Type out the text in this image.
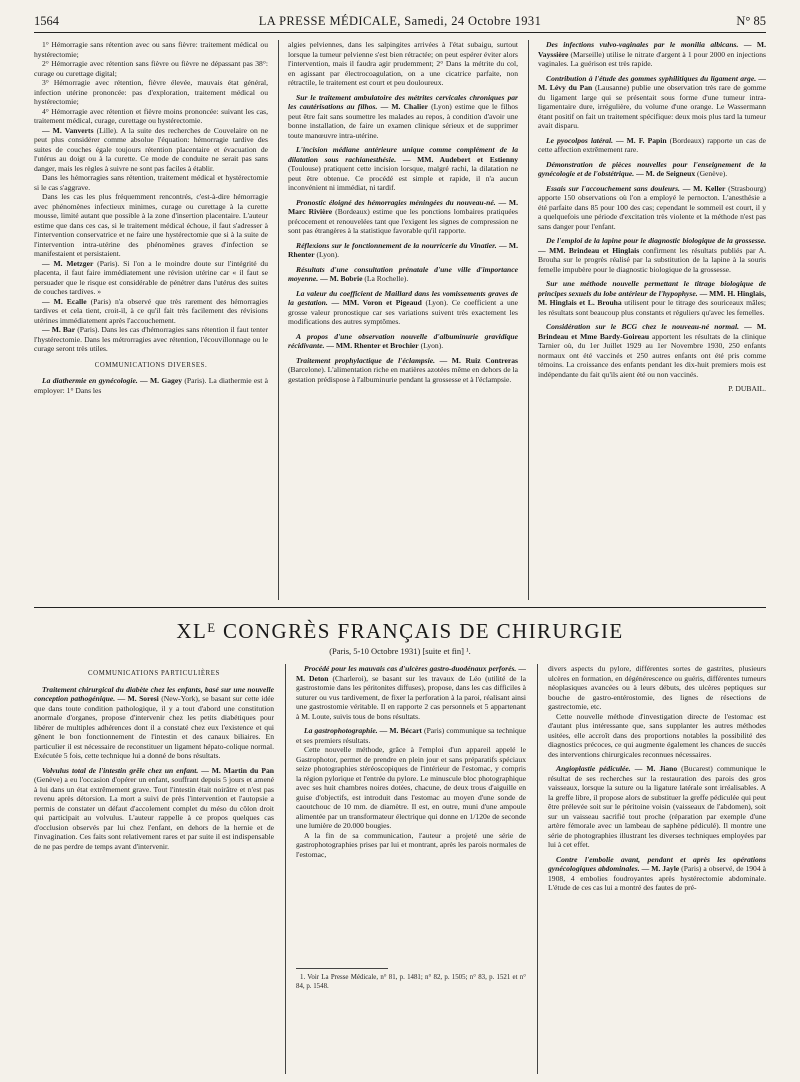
1564	LA PRESSE MÉDICALE, Samedi, 24 Octobre 1931	N° 85

1° Hémorragie sans rétention avec ou sans fièvre: traitement médical ou hystérectomie;

2° Hémorragie avec rétention sans fièvre ou fièvre ne dépassant pas 38°: curage ou curettage digital;

3° Hémorragie avec rétention, fièvre élevée, mauvais état général, infection utérine prononcée: pas d'exploration, traitement médical ou hystérectomie;

4° Hémorragie avec rétention et fièvre moins prononcée: suivant les cas, traitement médical, curage, curettage ou hystérectomie.

— M. Vanverts (Lille). A la suite des recherches de Couvelaire on ne peut plus considérer comme absolue l'équation: hémorragie tardive des suites de couches égale toujours rétention placentaire et évacuation de l'utérus au doigt ou à la curette. Ce mode de conduite ne serait pas sans danger, mais les règles à suivre ne sont pas faciles à établir.

Dans les hémorragies sans rétention, traitement médical et hystérectomie si le cas s'aggrave.

Dans les cas les plus fréquemment rencontrés, c'est-à-dire hémorragie avec phénomènes infectieux minimes, curage ou curettage à la curette mousse, limité autant que possible à la zone d'insertion placentaire. L'auteur estime que dans ces cas, si le traitement médical échoue, il faut s'adresser à l'intervention conservatrice et ne faire une hystérectomie que si à la suite de l'intervention intra-utérine des phénomènes graves d'infection se manifestaient et persistaient.

— M. Metzger (Paris). Si l'on a le moindre doute sur l'intégrité du placenta, il faut faire immédiatement une révision utérine car « il faut se persuader que le risque est considérable de pénétrer dans l'utérus des suites de couches tardives. »

— M. Ecalle (Paris) n'a observé que très rarement des hémorragies tardives et cela tient, croit-il, à ce qu'il fait très facilement des révisions utérines immédiatement après l'accouchement.

— M. Bar (Paris). Dans les cas d'hémorragies sans rétention il faut tenter l'hystérectomie. Dans les métrorragies avec rétention, l'écouvillonnage ou le curage seront très utiles.

COMMUNICATIONS DIVERSES.

La diathermie en gynécologie. — M. Gagey (Paris). La diathermie est à employer: 1° Dans les

algies pelviennes, dans les salpingites arrivées à l'état subaigu, surtout lorsque la tumeur pelvienne s'est bien rétractée; on peut espérer éviter alors l'intervention, mais il faudra agir prudemment; 2° Dans la métrite du col, en agissant par électrocoagulation, on a une cicatrice parfaite, non rétractile, le traitement est court et peu douloureux.

Sur le traitement ambulatoire des métrites cervicales chroniques par les cautérisations au filhos. — M. Chalier (Lyon) estime que le filhos peut être fait sans soumettre les malades au repos, à condition d'avoir une bonne installation, de faire un examen clinique sérieux et de supprimer toute manœuvre intra-utérine.

L'incision médiane antérieure unique comme complément de la dilatation sous rachianesthésie. — MM. Audebert et Estienny (Toulouse) pratiquent cette incision lorsque, malgré rachi, la dilatation ne peut être obtenue. Ce procédé est simple et rapide, il n'a aucun inconvénient ni immédiat, ni tardif.

Pronostic éloigné des hémorragies méningées du nouveau-né. — M. Marc Rivière (Bordeaux) estime que les ponctions lombaires pratiquées précocement et renouvelées tant que l'exigent les signes de compression ne sont pas étrangères à la statistique favorable qu'il rapporte.

Réflexions sur le fonctionnement de la nourricerie du Vinatier. — M. Rhenter (Lyon).

Résultats d'une consultation prénatale d'une ville d'importance moyenne. — M. Bobrie (La Rochelle).

La valeur du coefficient de Maillard dans les vomissements graves de la gestation. — MM. Voron et Pigeaud (Lyon). Ce coefficient a une grosse valeur pronostique car ses variations suivent très exactement les modifications des autres symptômes.

A propos d'une observation nouvelle d'albuminurie gravidique récidivante. — MM. Rhenter et Brochier (Lyon).

Traitement prophylactique de l'éclampsie. — M. Ruiz Contreras (Barcelone). L'alimentation riche en matières azotées même en dehors de la gestation prédispose à l'albuminurie pendant la grossesse et à l'éclampsie.

Des infections vulvo-vaginales par le monilia albicans. — M. Vayssière (Marseille) utilise le nitrate d'argent à 1 pour 2000 en injections vaginales. La guérison est très rapide.

Contribution à l'étude des gommes syphilitiques du ligament arge. — M. Lévy du Pan (Lausanne) publie une observation très rare de gomme du ligament large qui se présentait sous forme d'une tumeur intra-ligamentaire dure, irrégulière, du volume d'une orange. Le Wassermann étant positif on fait un traitement spécifique: deux mois plus tard la tumeur avait disparu.

Le pyocolpos latéral. — M. F. Papin (Bordeaux) rapporte un cas de cette affection extrêmement rare.

Démonstration de pièces nouvelles pour l'enseignement de la gynécologie et de l'obstétrique. — M. de Seigneux (Genève).

Essais sur l'accouchement sans douleurs. — M. Keller (Strasbourg) apporte 150 observations où l'on a employé le pernocton. L'anesthésie a été parfaite dans 85 pour 100 des cas; cependant le sommeil est court, il y a quelquefois une période d'excitation très violente et la méthode n'est pas sans danger pour l'enfant.

De l'emploi de la lapine pour le diagnostic biologique de la grossesse. — MM. Brindeau et Hinglais confirment les résultats publiés par A. Brouha sur le progrès réalisé par la substitution de la lapine à la souris femelle impubère pour le diagnostic biologique de la grossesse.

Sur une méthode nouvelle permettant le titrage biologique de principes sexuels du lobe antérieur de l'hypophyse. — MM. H. Hinglais, M. Hinglais et L. Brouha utilisent pour le titrage des souriceaux mâles; les résultats sont beaucoup plus constants et réguliers qu'avec les femelles.

Considération sur le BCG chez le nouveau-né normal. — M. Brindeau et Mme Bardy-Goireau apportent les résultats de la clinique Tarnier où, du 1er Juillet 1929 au 1er Novembre 1930, 250 enfants normaux ont été vaccinés et 250 autres enfants ont été pris comme témoins. La croissance des enfants pendant les dix-huit premiers mois est indépendante du fait qu'ils aient été ou non vaccinés.

P. DUBAIL.

XLᴱ CONGRÈS FRANÇAIS DE CHIRURGIE
(Paris, 5-10 Octobre 1931) [suite et fin] ¹.

COMMUNICATIONS PARTICULIÈRES

Traitement chirurgical du diabète chez les enfants, basé sur une nouvelle conception pathogénique. — M. Soresi (New-York), se basant sur cette idée que dans toute condition pathologique, il y a tout d'abord une constitution anormale d'organes, propose d'intervenir chez les petits diabétiques pour libérer de multiples adhérences dont il a constaté chez eux l'existence et qui gênent le bon fonctionnement de l'intestin et des canaux biliaires. En particulier il est nécessaire de reconstituer un ligament hépato-colique normal. Exécutée 5 fois, cette technique lui a donné de bons résultats.

Volvulus total de l'intestin grêle chez un enfant. — M. Martin du Pan (Genève) a eu l'occasion d'opérer un enfant, souffrant depuis 5 jours et amené à lui dans un état extrêmement grave. Tout l'intestin était noirâtre et n'est pas revenu après détorsion. La mort a suivi de près l'intervention et l'autopsie a permis de constater un défaut d'accolement complet du méso du côlon droit qui participait au volvulus. L'auteur rappelle à ce propos quelques cas d'occlusion observés par lui chez l'enfant, en dehors de la hernie et de l'invagination. Ces faits sont relativement rares et par suite il est indispensable de ne pas perdre de temps avant d'intervenir.

Procédé pour les mauvais cas d'ulcères gastro-duodénaux perforés. — M. Deton (Charleroi), se basant sur les travaux de Léo (utilité de la gastrostomie dans les péritonites diffuses), propose, dans les cas difficiles à suturer ou vus tardivement, de fixer la perforation à la paroi, réalisant ainsi une gastrostomie véritable. Il en rapporte 2 cas personnels et 5 appartenant à M. Loute, suivis tous de bons résultats.

La gastrophotographie. — M. Bécart (Paris) communique sa technique et ses premiers résultats.

Cette nouvelle méthode, grâce à l'emploi d'un appareil appelé le Gastrophotor, permet de prendre en plein jour et sans préparatifs spéciaux seize photographies stéréoscopiques de l'intérieur de l'estomac, y compris la région pylorique et l'entrée du pylore. Le minuscule bloc photographique avec ses huit chambres noires dotées, chacune, de deux trous d'aiguille en guise d'objectifs, est introduit dans l'estomac au moyen d'une sonde de caoutchouc de 10 mm. de diamètre. Il est, en outre, muni d'une ampoule alimentée par un transformateur électrique qui donne en 1/120e de seconde une lumière de 20.000 bougies.

A la fin de sa communication, l'auteur a projeté une série de gastrophotographies prises par lui et montrant, après les parois normales de l'estomac,

1. Voir La Presse Médicale, n° 81, p. 1481; n° 82, p. 1505; n° 83, p. 1521 et n° 84, p. 1548.

divers aspects du pylore, différentes sortes de gastrites, plusieurs ulcères en formation, en dégénérescence ou guéris, différentes tumeurs néoplasiques avancées ou à leurs débuts, des ulcères peptiques sur bouche de gastro-entérostomie, des lignes de résections de gastrectomie, etc.

Cette nouvelle méthode d'investigation directe de l'estomac est d'autant plus intéressante que, sans supplanter les autres méthodes usitées, elle accroît dans des proportions notables la possibilité des diagnostics précoces, ce qui augmente également les chances de succès des interventions chirurgicales reconnues nécessaires.

Angioplastie pédiculée. — M. Jiano (Bucarest) communique le résultat de ses recherches sur la restauration des parois des gros vaisseaux, lorsque la suture ou la ligature latérale sont irréalisables. A la greffe libre, il propose alors de substituer la greffe pédiculée qui peut être prélevée soit sur le péritoine voisin (vaisseaux de l'abdomen), soit sur un vaisseau sacrifié tout proche (réparation par exemple d'une artère fémorale avec un lambeau de saphène pédiculé). Il montre une série de photographies illustrant les diverses techniques employées par lui à cet effet.

Contre l'embolie avant, pendant et après les opérations gynécologiques abdominales. — M. Jayle (Paris) a observé, de 1904 à 1908, 4 embolies foudroyantes après hystérectomie abdominale. L'étude de ces cas lui a montré des fautes de pré-
